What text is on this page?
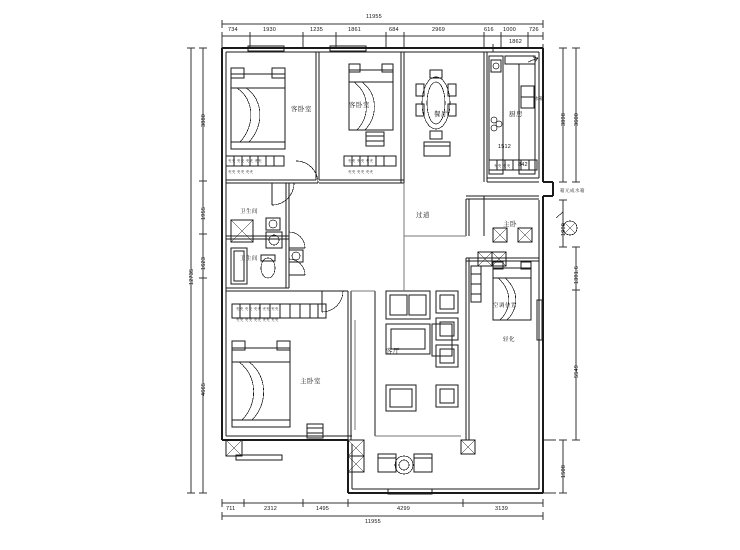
11955
734	1930	1235	1861	684	2969	616 1000 726
1862
3880
1955
1623
4665
12735
3600
3898
1900
1391.6
5549
1508
711	2312	1495	4299	3139
11955
1512
842
客卧室
客卧室
餐厅	厨房
卫生间
卫生间
过道
主卧
主卧室
客厅
轻化
空调位置
箱元成水箱
冰箱
夹夹 夹夹 夹夹 夹夹
夹夹 夹夹 夹夹
夹夹 夹夹 夹夹
夹夹 夹夹 夹夹
夹夹 夹夹 夹夹 夹夹 夹夹
夹夹 夹夹 夹夹 夹夹 夹夹
夹夹 夹夹
